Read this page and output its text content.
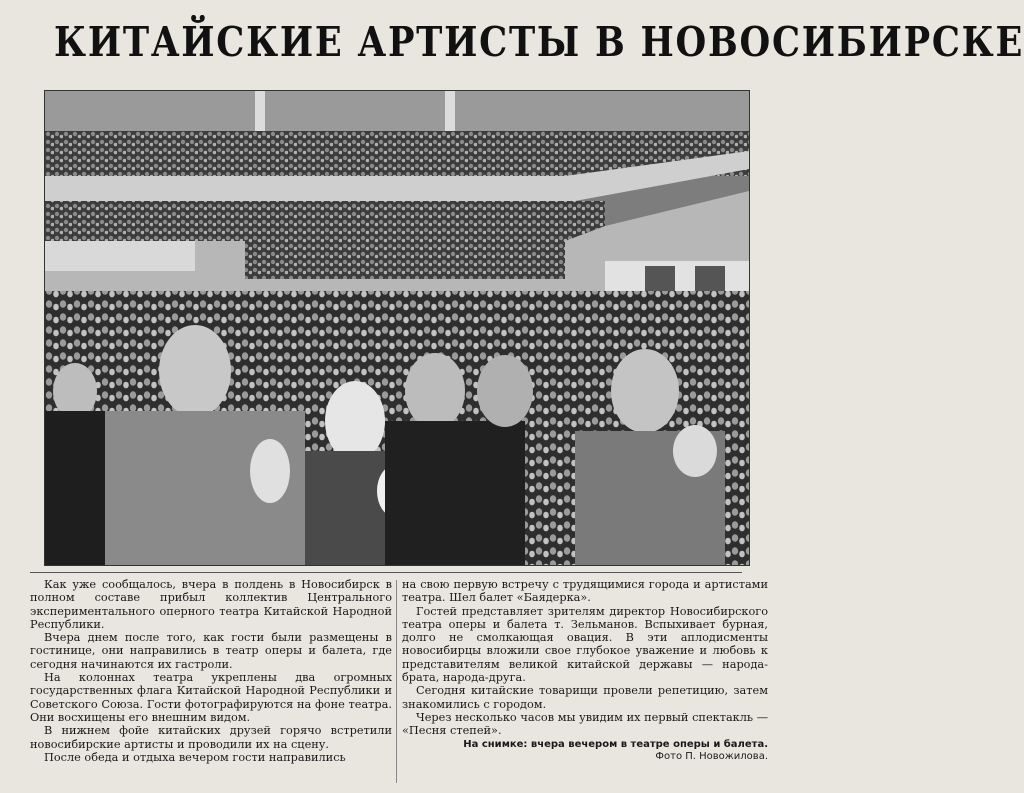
КИТАЙСКИЕ АРТИСТЫ В НОВОСИБИРСКЕ

Как уже сообщалось, вчера в полдень в Новосибирск в полном составе прибыл коллектив Центрального экспериментального оперного театра Китайской Народной Республики.

Вчера днем после того, как гости были размещены в гостинице, они направились в театр оперы и балета, где сегодня начинаются их гастроли.

На колоннах театра укреплены два огромных государственных флага Китайской Народной Республики и Советского Союза. Гости фотографируются на фоне театра. Они восхищены его внешним видом.

В нижнем фойе китайских друзей горячо встретили новосибирские артисты и проводили их на сцену.

После обеда и отдыха вечером гости направились

на свою первую встречу с трудящимися города и артистами театра. Шел балет «Баядерка».

Гостей представляет зрителям директор Новосибирского театра оперы и балета т. Зельманов. Вспыхивает бурная, долго не смолкающая овация. В эти аплодисменты новосибирцы вложили свое глубокое уважение и любовь к представителям великой китайской державы — народа-брата, народа-друга.

Сегодня китайские товарищи провели репетицию, затем знакомились с городом.

Через несколько часов мы увидим их первый спектакль — «Песня степей».

На снимке: вчера вечером в театре оперы и балета.
Фото П. Новожилова.
